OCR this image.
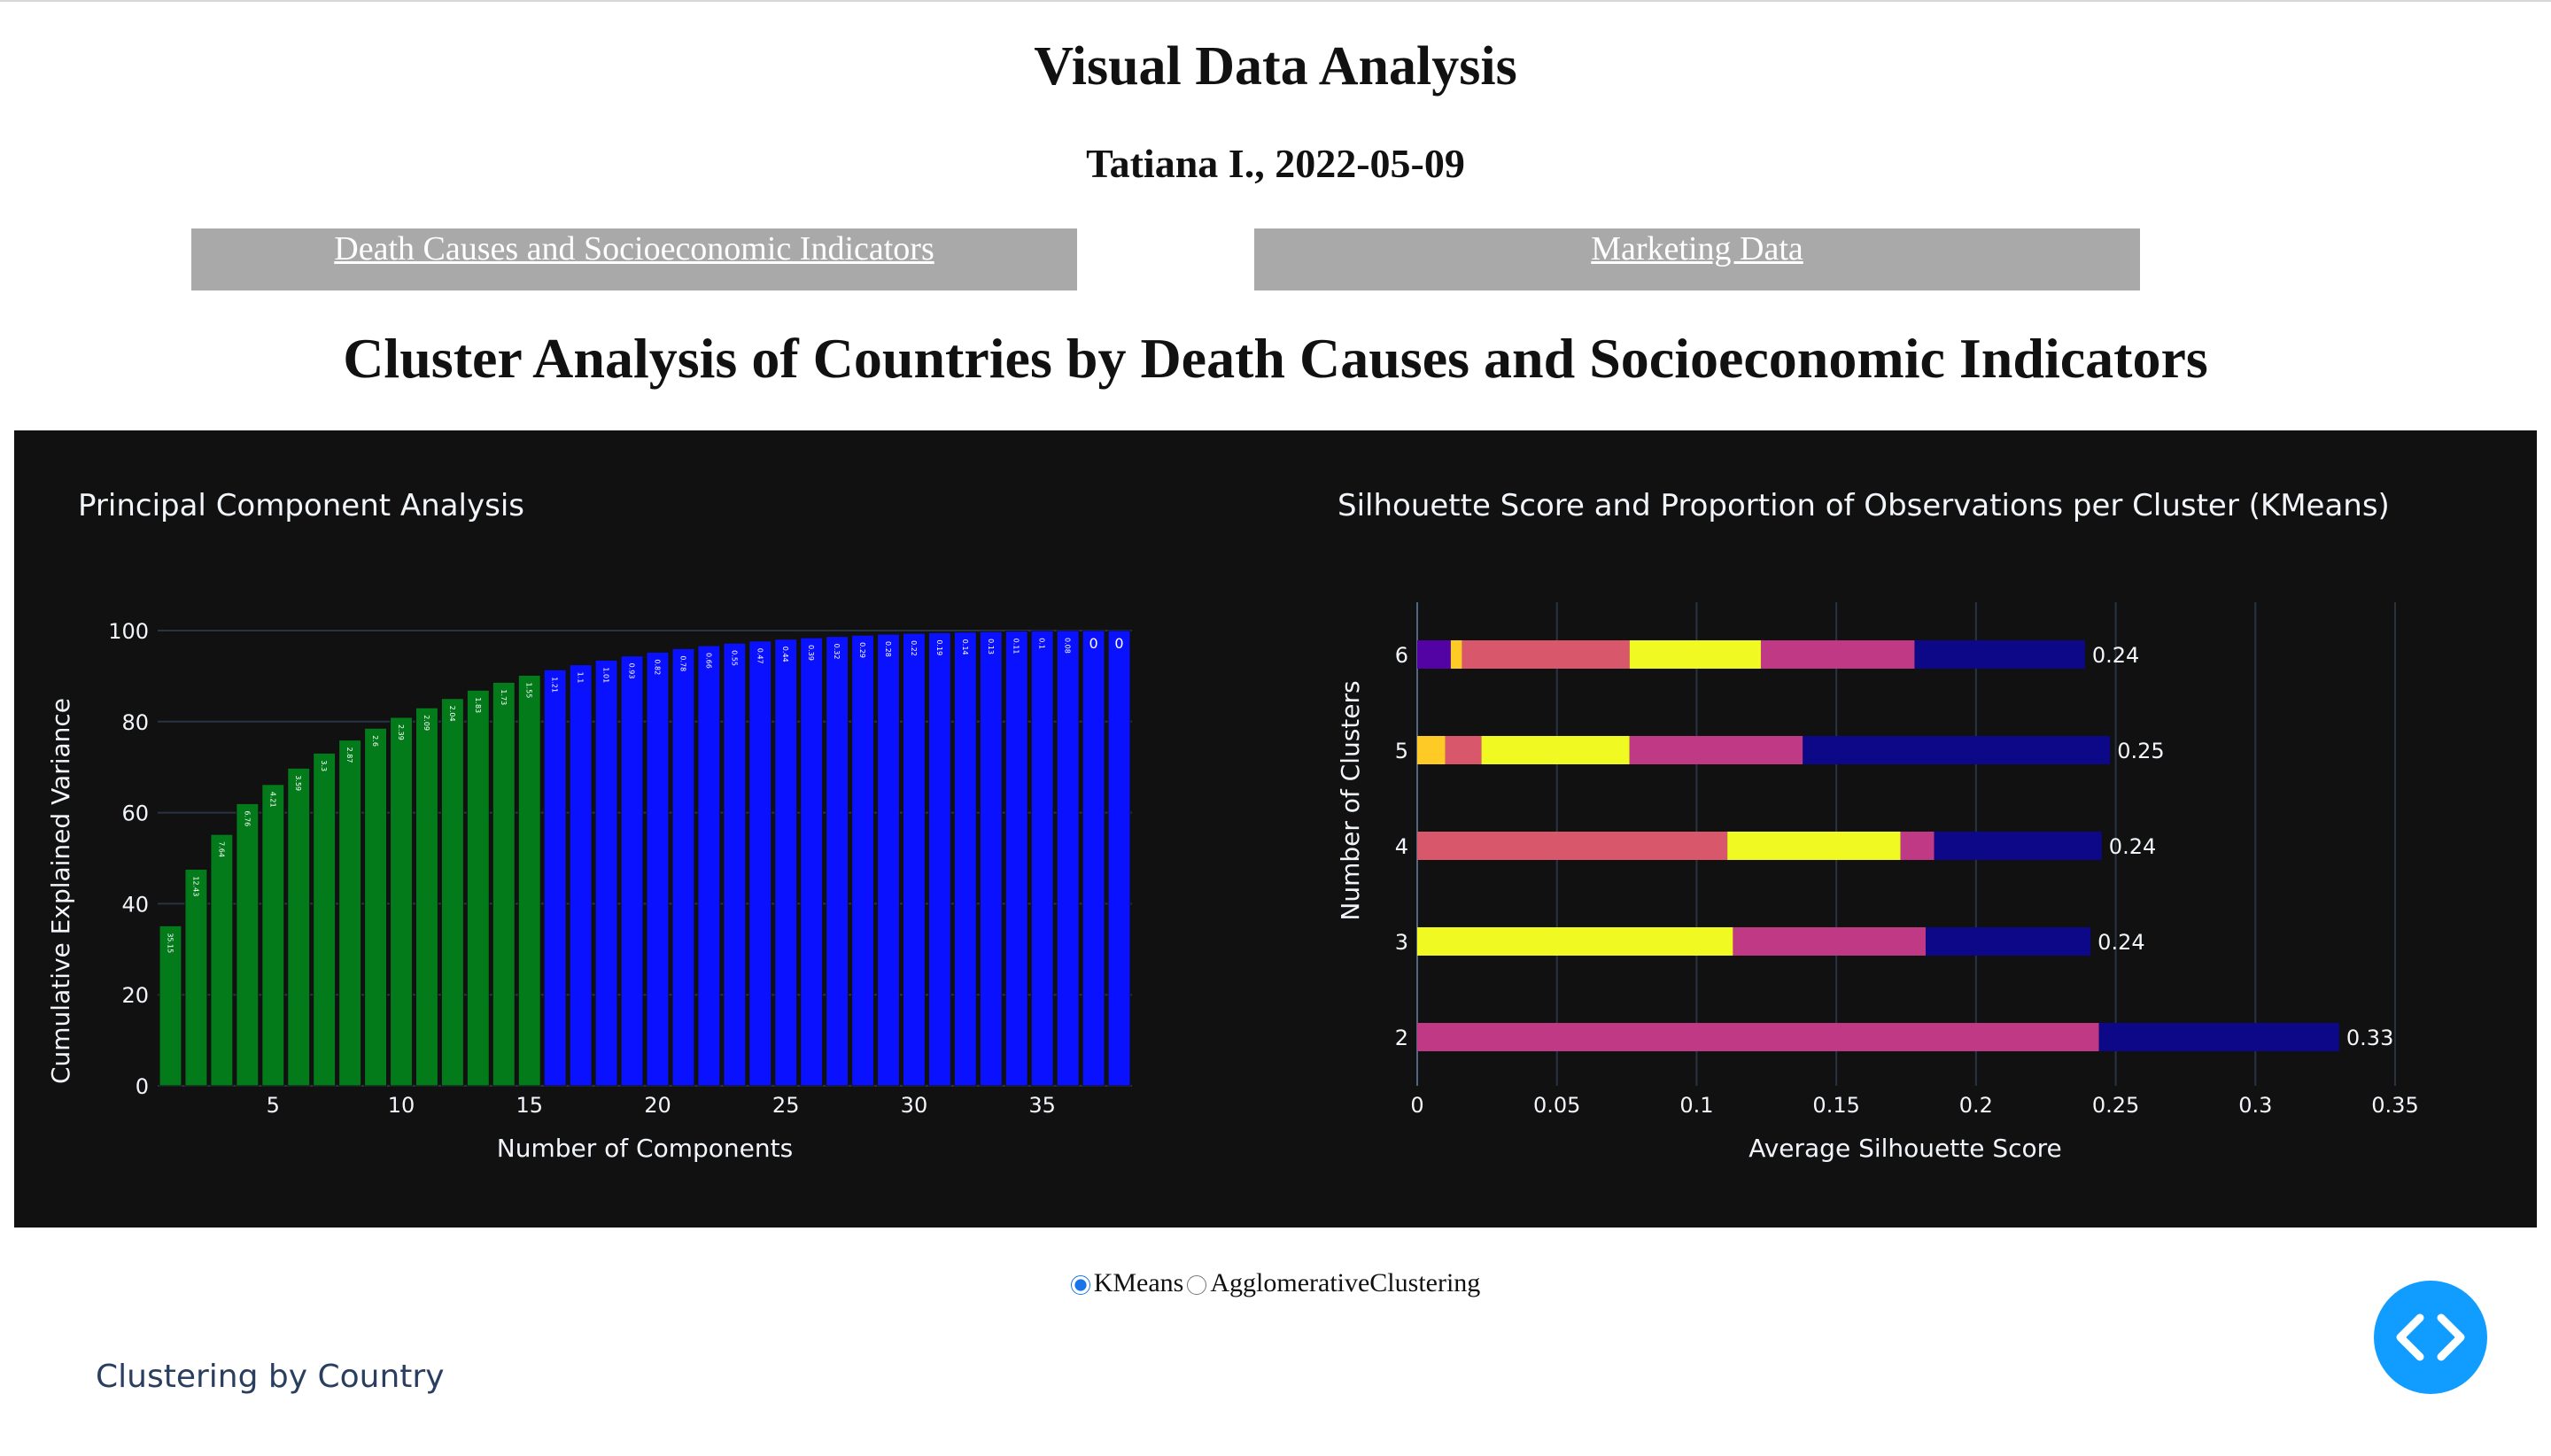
Visual Data Analysis
Tatiana I., 2022-05-09
Death Causes and Socioeconomic Indicators	Marketing Data
Cluster Analysis of Countries by Death Causes and Socioeconomic Indicators
Principal Component Analysis
Number of Components
Cumulative Explained Variance	35.15
12.43
7.64
6.76
4.21
3.59
3.3
2.87
2.6
2.39
2.09
2.04
1.83 1.73 1.55 1.21 1.1 1.01 0.93 0.82 0.78 0.66 0.55 0.47 0.44 0.39 0.32 0.29 0.28 0.22 0.19 0.14 0.13 0.11 0.1 0.08 0 0
0
20
40
60
80
100
5	10	15	20	25	30	35
Silhouette Score and Proportion of Observations per Cluster (KMeans)
Average Silhouette Score
Number of Clusters
0.33
0.24
0.24
0.25
0.24
2
3
4
5
6
0	0.05	0.1	0.15	0.2	0.25	0.3	0.35
KMeans AgglomerativeClustering
Clustering by Country
